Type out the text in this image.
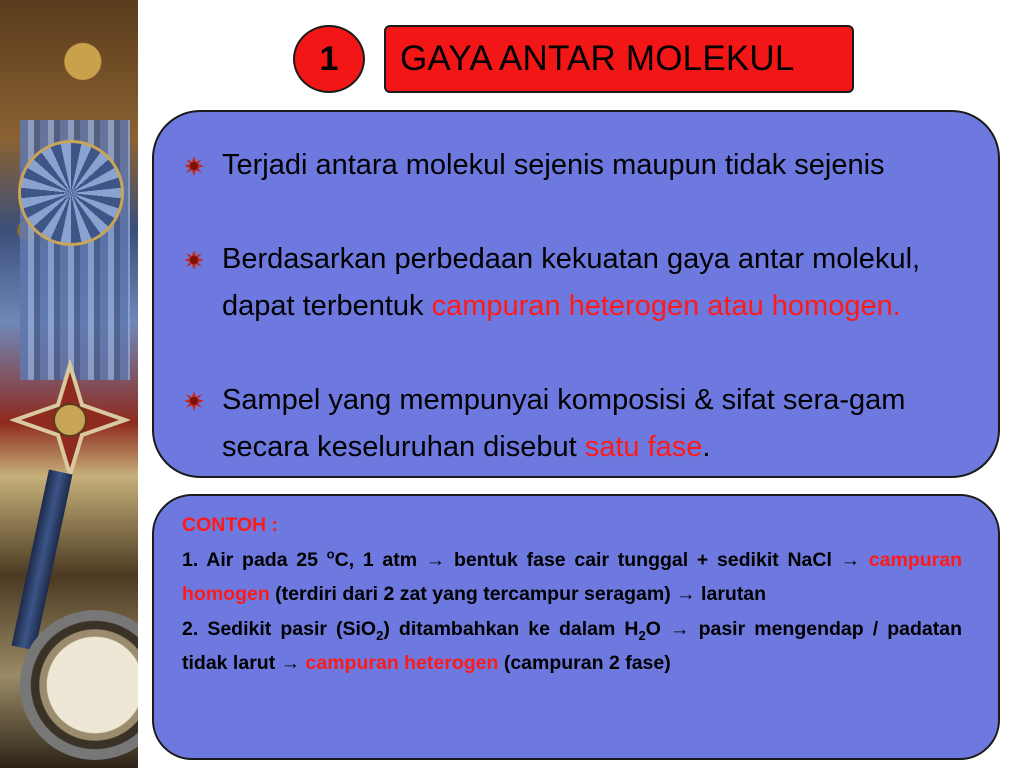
1	GAYA ANTAR MOLEKUL
Terjadi antara molekul sejenis maupun tidak sejenis
Berdasarkan perbedaan kekuatan gaya antar molekul, dapat terbentuk campuran heterogen atau homogen.
Sampel yang mempunyai komposisi & sifat sera-gam secara keseluruhan disebut satu fase.
CONTOH :
1. Air pada 25 $^o$C, 1 atm → bentuk fase cair tunggal + sedikit NaCl → campuran homogen (terdiri dari 2 zat yang tercampur seragam) → larutan
2. Sedikit pasir (SiO$_2$) ditambahkan ke dalam $H_2O$ → pasir mengendap / padatan tidak larut → campuran heterogen (campuran 2 fase)
